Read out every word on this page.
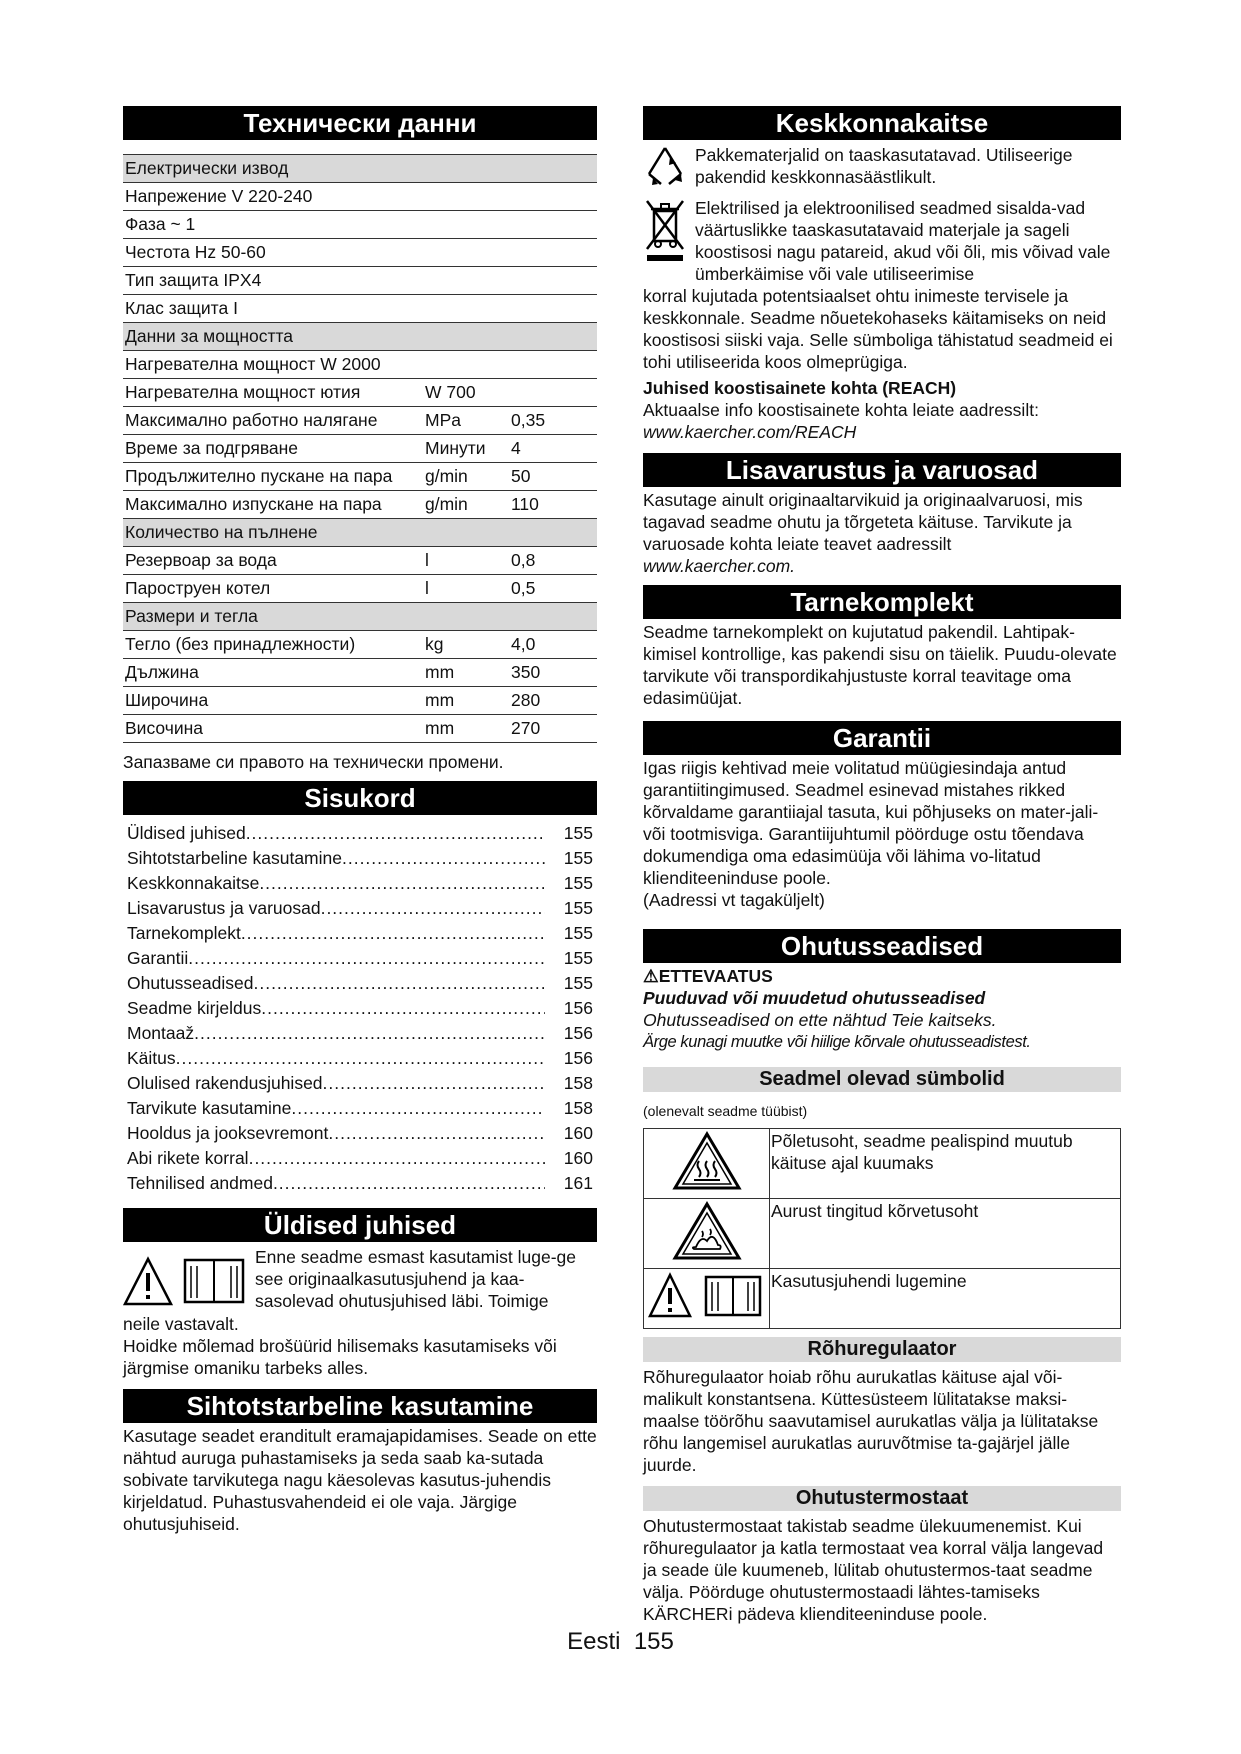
Технически данни
Електрически извод		
Напрежение V 220-240		
Фаза ~ 1		
Честота Hz 50-60		
Тип защита IPX4		
Клас защита I		
Данни за мощността		
Нагревателна мощност W 2000		
Нагревателна мощност ютия	W 700	
Максимално работно налягане	MPa	0,35
Време за подгряване	Минути	4
Продължително пускане на пара	g/min	50
Максимално изпускане на пара	g/min	110
Количество на пълнене		
Резервоар за вода	l	0,8
Пароструен котел	l	0,5
Размери и тегла		
Тегло (без принадлежности)	kg	4,0
Дължина	mm	350
Широчина	mm	280
Височина	mm	270

Запазваме си правото на технически промени.

Sisukord
Üldised juhised .....	155
Sihtotstarbeline kasutamine .....	155
Keskkonnakaitse .....	155
Lisavarustus ja varuosad .....	155
Tarnekomplekt .....	155
Garantii .....	155
Ohutusseadised .....	155
Seadme kirjeldus .....	156
Montaaž .....	156
Käitus .....	156
Olulised rakendusjuhised .....	158
Tarvikute kasutamine .....	158
Hooldus ja jooksevremont .....	160
Abi rikete korral .....	160
Tehnilised andmed .....	161
Üldised juhised

Enne seadme esmast kasutamist luge-ge see originaalkasutusjuhend ja kaa-sasolevad ohutusjuhised läbi. Toimige

neile vastavalt.

Hoidke mõlemad brošüürid hilisemaks kasutamiseks või järgmise omaniku tarbeks alles.

Sihtotstarbeline kasutamine

Kasutage seadet eranditult eramajapidamises. Seade on ette nähtud auruga puhastamiseks ja seda saab ka-sutada sobivate tarvikutega nagu käesolevas kasutus-juhendis kirjeldatud. Puhastusvahendeid ei ole vaja. Järgige ohutusjuhiseid.

Keskkonnakaitse

Pakkematerjalid on taaskasutatavad. Utiliseerige pakendid keskkonnasäästlikult.

Elektrilised ja elektroonilised seadmed sisalda-vad väärtuslikke taaskasutatavaid materjale ja sageli koostisosi nagu patareid, akud või õli, mis võivad vale ümberkäimise või vale utiliseerimise

korral kujutada potentsiaalset ohtu inimeste tervisele ja keskkonnale. Seadme nõuetekohaseks käitamiseks on neid koostisosi siiski vaja. Selle sümboliga tähistatud seadmeid ei tohi utiliseerida koos olmeprügiga.

Juhised koostisainete kohta (REACH)

Aktuaalse info koostisainete kohta leiate aadressilt:

www.kaercher.com/REACH

Lisavarustus ja varuosad

Kasutage ainult originaaltarvikuid ja originaalvaruosi, mis tagavad seadme ohutu ja tõrgeteta käituse. Tarvikute ja varuosade kohta leiate teavet aadressilt

www.kaercher.com.

Tarnekomplekt

Seadme tarnekomplekt on kujutatud pakendil. Lahtipak-kimisel kontrollige, kas pakendi sisu on täielik. Puudu-olevate tarvikute või transpordikahjustuste korral teavitage oma edasimüüjat.

Garantii

Igas riigis kehtivad meie volitatud müügiesindaja antud garantiitingimused. Seadmel esinevad mistahes rikked kõrvaldame garantiiajal tasuta, kui põhjuseks on mater-jali- või tootmisviga. Garantiijuhtumil pöörduge ostu tõendava dokumendiga oma edasimüüja või lähima vo-litatud klienditeeninduse poole.

(Aadressi vt tagaküljelt)

Ohutusseadised

⚠ETTEVAATUS

Puuduvad või muudetud ohutusseadised

Ohutusseadised on ette nähtud Teie kaitseks.

Ärge kunagi muutke või hiilige kõrvale ohutusseadistest.

Seadmel olevad sümbolid

(olenevalt seadme tüübist)

	Põletusoht, seadme pealispind muutub käituse ajal kuumaks
	Aurust tingitud kõrvetusoht
	Kasutusjuhendi lugemine
Rõhuregulaator

Rõhuregulaator hoiab rõhu aurukatlas käituse ajal või-malikult konstantsena. Küttesüsteem lülitatakse maksi-maalse töörõhu saavutamisel aurukatlas välja ja lülitatakse rõhu langemisel aurukatlas auruvõtmise ta-gajärjel jälle juurde.

Ohutustermostaat

Ohutustermostaat takistab seadme ülekuumenemist. Kui rõhuregulaator ja katla termostaat vea korral välja langevad ja seade üle kuumeneb, lülitab ohutustermos-taat seadme välja. Pöörduge ohutustermostaadi lähtes-tamiseks KÄRCHERi pädeva klienditeeninduse poole.

Eesti 155
